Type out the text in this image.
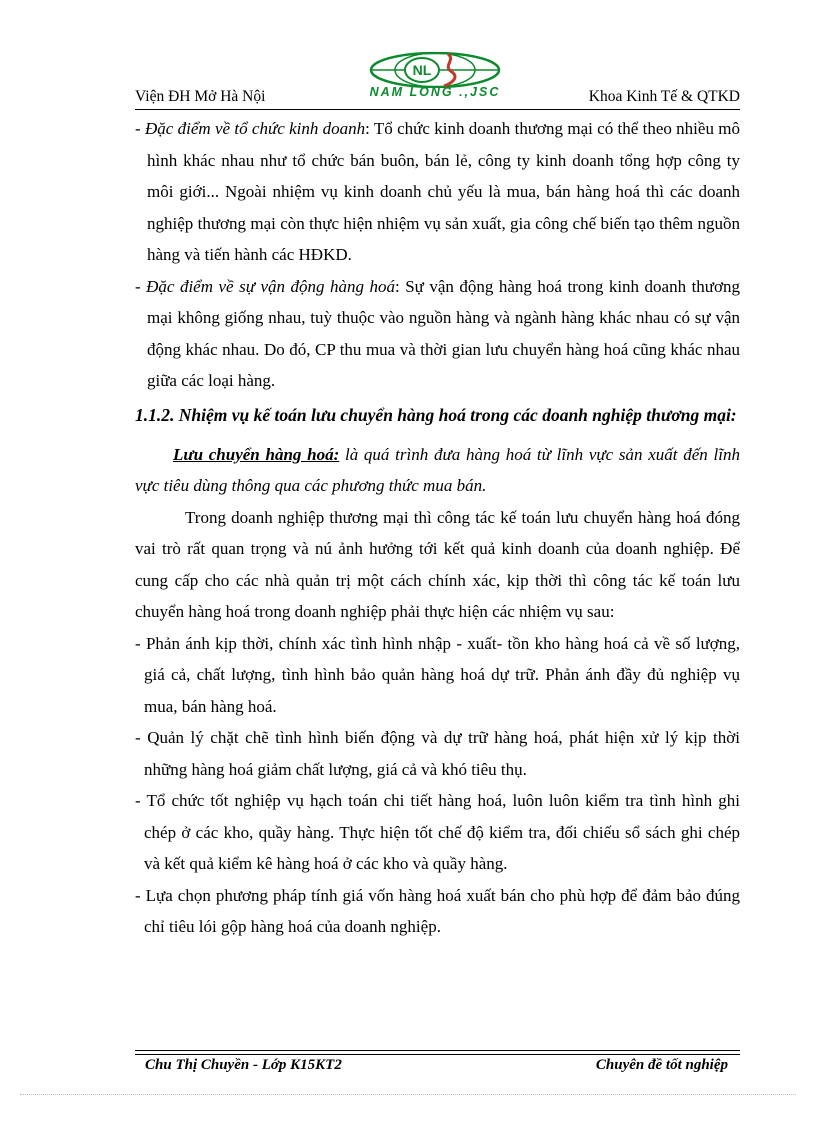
Viện ĐH Mở Hà Nội
NL
NAM LONG .,JSC	Khoa Kinh Tế & QTKD

- Đặc điểm về tổ chức kinh doanh: Tổ chức kinh doanh thương mại có thể theo nhiều mô hình khác nhau như tổ chức bán buôn, bán lẻ, công ty kinh doanh tổng hợp công ty môi giới... Ngoài nhiệm vụ kinh doanh chủ yếu là mua, bán hàng hoá thì các doanh nghiệp thương mại còn thực hiện nhiệm vụ sản xuất, gia công chế biến tạo thêm nguồn hàng và tiến hành các HĐKD.

- Đặc điểm về sự vận động hàng hoá: Sự vận động hàng hoá trong kinh doanh thương mại không giống nhau, tuỳ thuộc vào nguồn hàng và ngành hàng khác nhau có sự vận động khác nhau. Do đó, CP thu mua và thời gian lưu chuyển hàng hoá cũng khác nhau giữa các loại hàng.

1.1.2. Nhiệm vụ kế toán lưu chuyển hàng hoá trong các doanh nghiệp thương mại:

Lưu chuyển hàng hoá: là quá trình đưa hàng hoá từ lĩnh vực sản xuất đến lĩnh vực tiêu dùng thông qua các phương thức mua bán.

Trong doanh nghiệp thương mại thì công tác kế toán lưu chuyển hàng hoá đóng vai trò rất quan trọng và nú ảnh hưởng tới kết quả kinh doanh của doanh nghiệp. Để cung cấp cho các nhà quản trị một cách chính xác, kịp thời thì công tác kế toán lưu chuyển hàng hoá trong doanh nghiệp phải thực hiện các nhiệm vụ sau:

- Phản ánh kịp thời, chính xác tình hình nhập - xuất- tồn kho hàng hoá cả về số lượng, giá cả, chất lượng, tình hình bảo quản hàng hoá dự trữ. Phản ánh đầy đủ nghiệp vụ mua, bán hàng hoá.

- Quản lý chặt chẽ tình hình biến động và dự trữ hàng hoá, phát hiện xử lý kịp thời những hàng hoá giảm chất lượng, giá cả và khó tiêu thụ.

- Tổ chức tốt nghiệp vụ hạch toán chi tiết hàng hoá, luôn luôn kiểm tra tình hình ghi chép ở các kho, quầy hàng. Thực hiện tốt chế độ kiểm tra, đối chiếu sổ sách ghi chép và kết quả kiểm kê hàng hoá ở các kho và quầy hàng.

- Lựa chọn phương pháp tính giá vốn hàng hoá xuất bán cho phù hợp để đảm bảo đúng chỉ tiêu lói gộp hàng hoá của doanh nghiệp.

Chu Thị Chuyền - Lớp K15KT2	Chuyên đề tốt nghiệp
